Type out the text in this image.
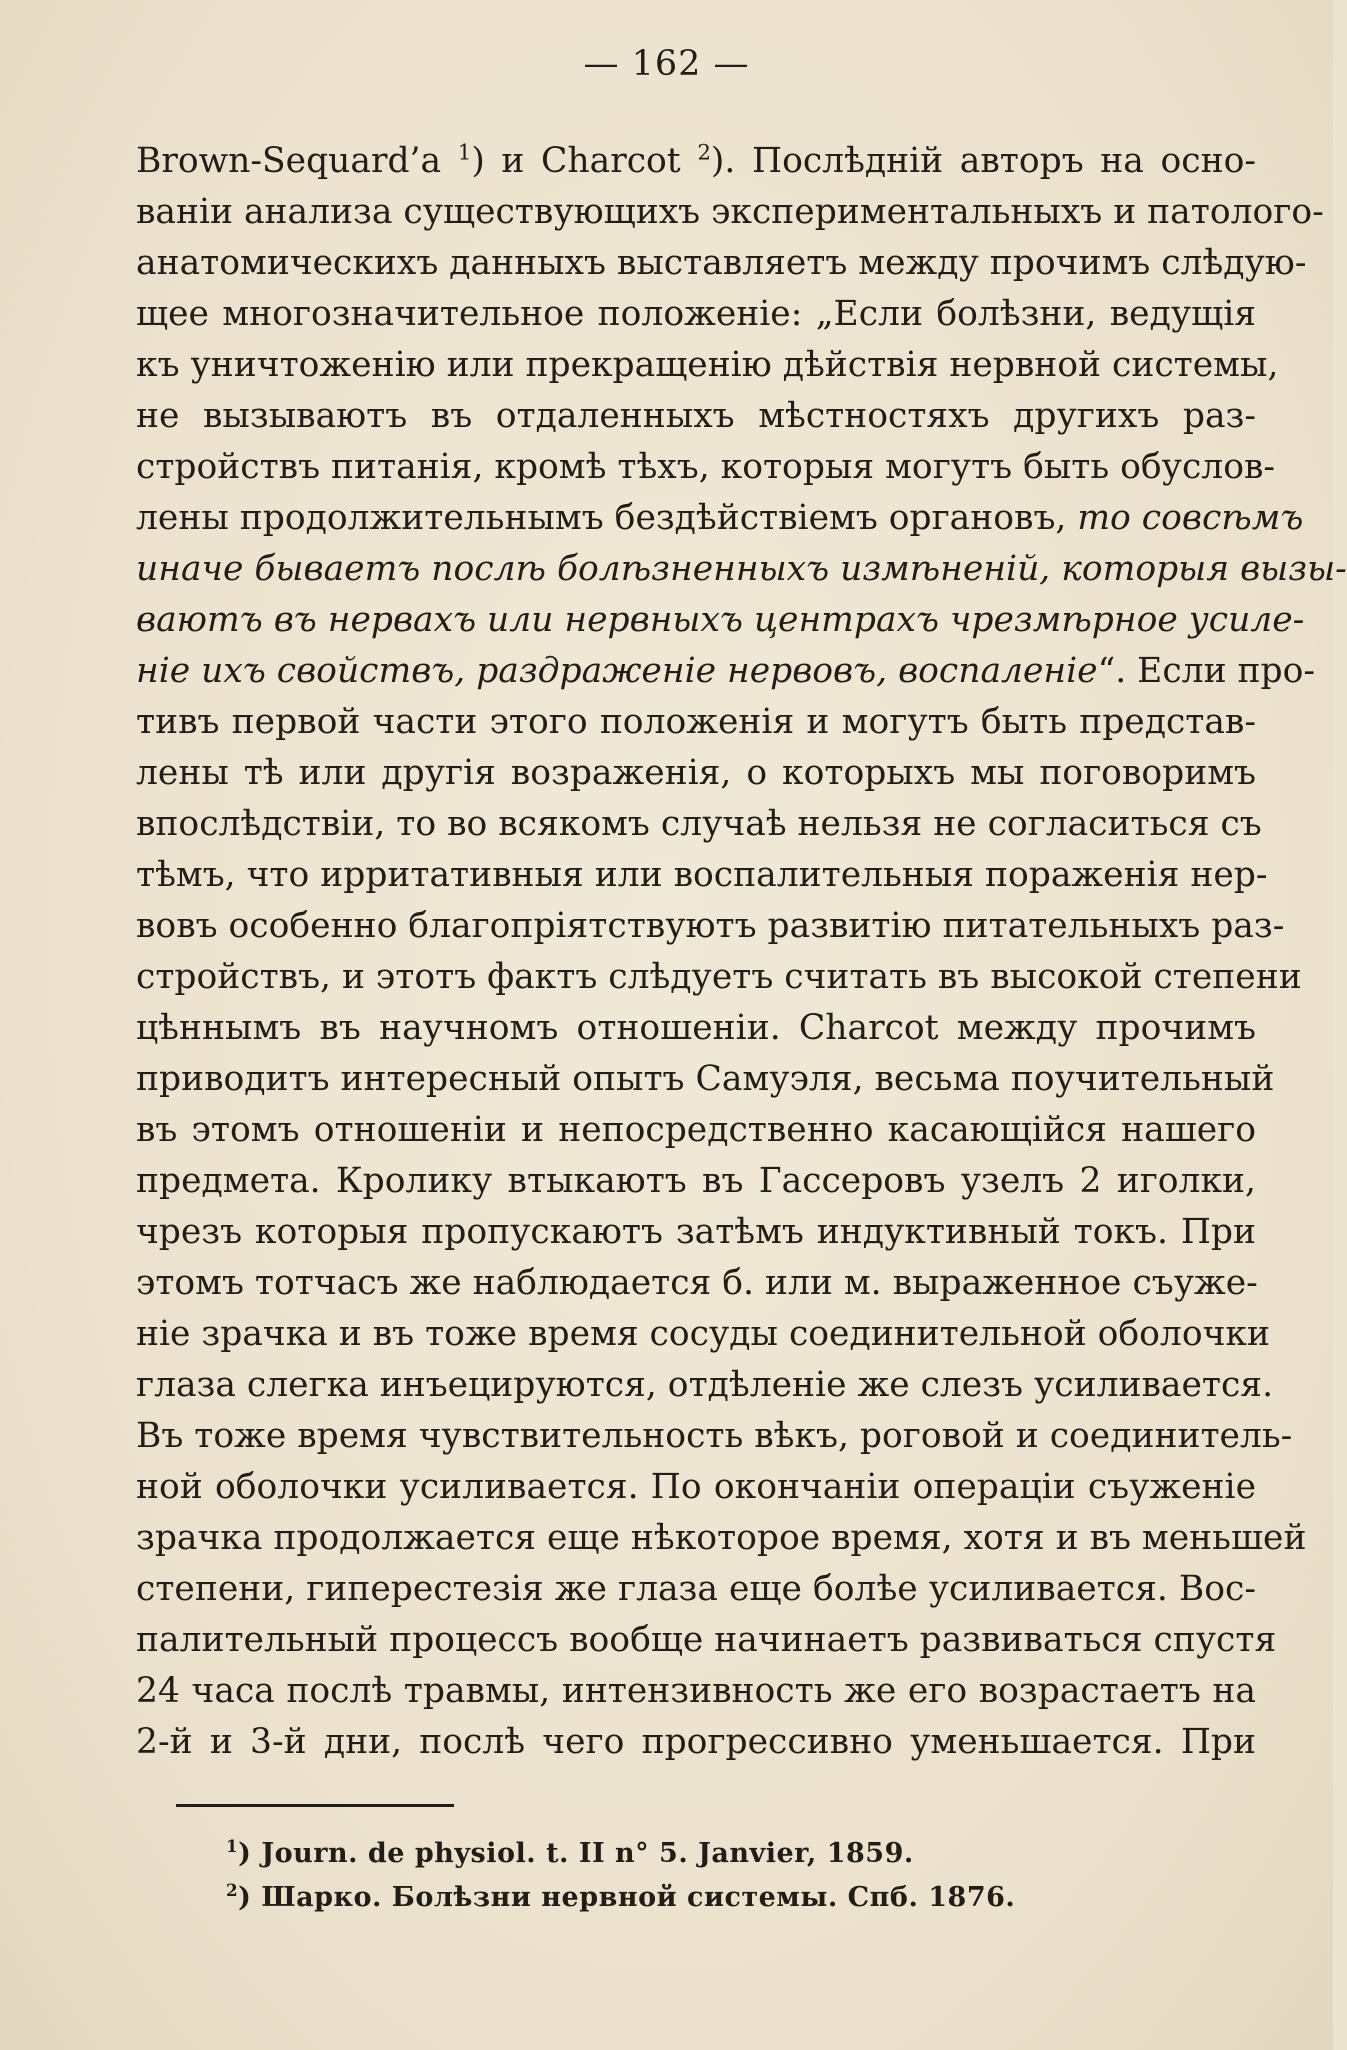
— 162 —
Brown-Sequard’a $^1$) и Charcot $^2$). Послѣдній авторъ на осно-
ваніи анализа существующихъ экспериментальныхъ и патолого-
анатомическихъ данныхъ выставляетъ между прочимъ слѣдую-
щее многозначительное положеніе: „Если болѣзни, ведущія
къ уничтоженію или прекращенію дѣйствія нервной системы,
не вызываютъ въ отдаленныхъ мѣстностяхъ другихъ раз-
стройствъ питанія, кромѣ тѣхъ, которыя могутъ быть обуслов-
лены продолжительнымъ бездѣйствіемъ органовъ, то совсѣмъ
иначе бываетъ послѣ болѣзненныхъ измѣненій, которыя вызы-
ваютъ въ нервахъ или нервныхъ центрахъ чрезмѣрное усиле-
ніе ихъ свойствъ, раздраженіе нервовъ, воспаленіе“. Если про-
тивъ первой части этого положенія и могутъ быть представ-
лены тѣ или другія возраженія, о которыхъ мы поговоримъ
впослѣдствіи, то во всякомъ случаѣ нельзя не согласиться съ
тѣмъ, что ирритативныя или воспалительныя пораженія нер-
вовъ особенно благопріятствуютъ развитію питательныхъ раз-
стройствъ, и этотъ фактъ слѣдуетъ считать въ высокой степени
цѣннымъ въ научномъ отношеніи. Charcot между прочимъ
приводитъ интересный опытъ Самуэля, весьма поучительный
въ этомъ отношеніи и непосредственно касающійся нашего
предмета. Кролику втыкаютъ въ Гассеровъ узелъ 2 иголки,
чрезъ которыя пропускаютъ затѣмъ индуктивный токъ. При
этомъ тотчасъ же наблюдается б. или м. выраженное съуже-
ніе зрачка и въ тоже время сосуды соединительной оболочки
глаза слегка инъецируются, отдѣленіе же слезъ усиливается.
Въ тоже время чувствительность вѣкъ, роговой и соединитель-
ной оболочки усиливается. По окончаніи операціи съуженіе
зрачка продолжается еще нѣкоторое время, хотя и въ меньшей
степени, гиперестезія же глаза еще болѣе усиливается. Вос-
палительный процессъ вообще начинаетъ развиваться спустя
24 часа послѣ травмы, интензивность же его возрастаетъ на
2-й и 3-й дни, послѣ чего прогрессивно уменьшается. При
$^1$) Journ. de physiol. t. II n° 5. Janvier, 1859.
$^2$) Шарко. Болѣзни нервной системы. Спб. 1876.
